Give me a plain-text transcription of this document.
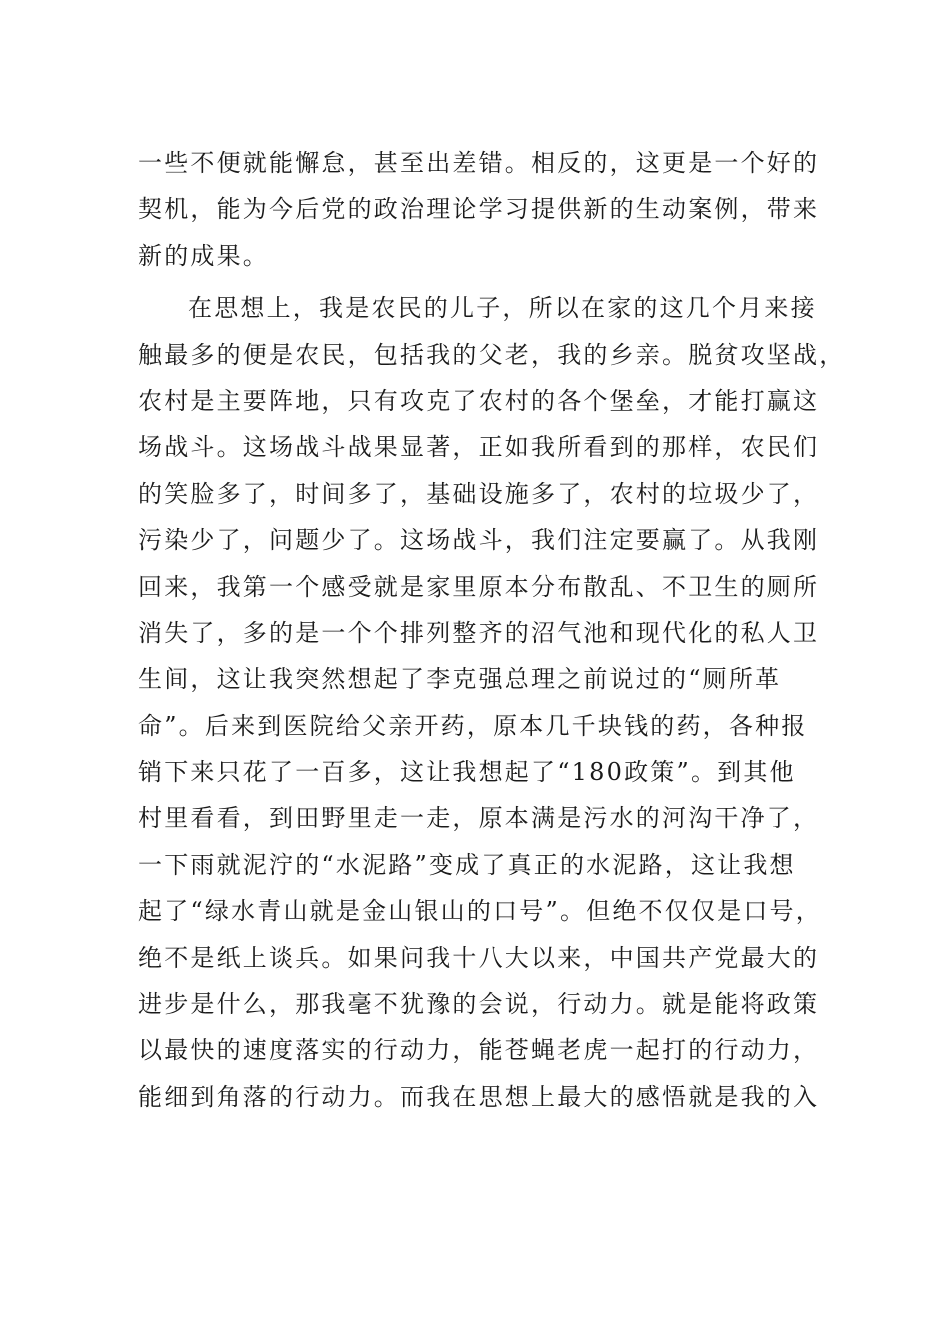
一些不便就能懈怠，甚至出差错。相反的，这更是一个好的
契机，能为今后党的政治理论学习提供新的生动案例，带来
新的成果。
在思想上，我是农民的儿子，所以在家的这几个月来接
触最多的便是农民，包括我的父老，我的乡亲。脱贫攻坚战，
农村是主要阵地，只有攻克了农村的各个堡垒，才能打赢这
场战斗。这场战斗战果显著，正如我所看到的那样，农民们
的笑脸多了，时间多了，基础设施多了，农村的垃圾少了，
污染少了，问题少了。这场战斗，我们注定要赢了。从我刚
回来，我第一个感受就是家里原本分布散乱、不卫生的厕所
消失了，多的是一个个排列整齐的沼气池和现代化的私人卫
生间，这让我突然想起了李克强总理之前说过的“厕所革
命”。后来到医院给父亲开药，原本几千块钱的药，各种报
销下来只花了一百多，这让我想起了“180政策”。到其他
村里看看，到田野里走一走，原本满是污水的河沟干净了，
一下雨就泥泞的“水泥路”变成了真正的水泥路，这让我想
起了“绿水青山就是金山银山的口号”。但绝不仅仅是口号，
绝不是纸上谈兵。如果问我十八大以来，中国共产党最大的
进步是什么，那我毫不犹豫的会说，行动力。就是能将政策
以最快的速度落实的行动力，能苍蝇老虎一起打的行动力，
能细到角落的行动力。而我在思想上最大的感悟就是我的入
